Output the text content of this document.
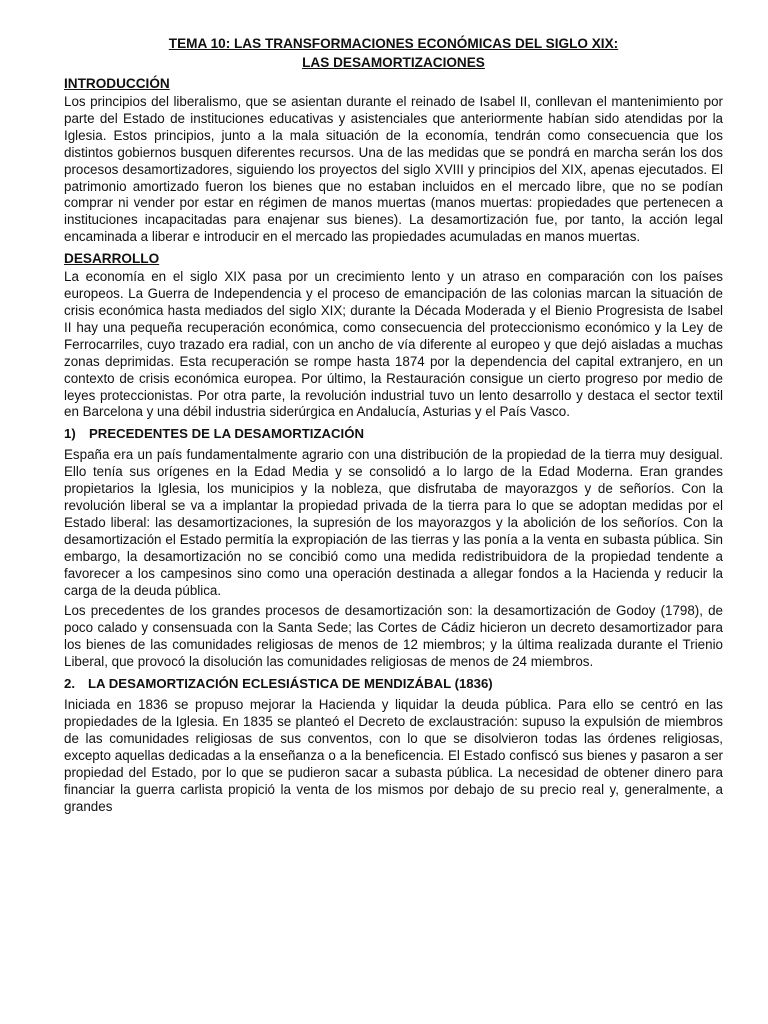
TEMA 10: LAS TRANSFORMACIONES ECONÓMICAS DEL SIGLO XIX:
LAS DESAMORTIZACIONES
INTRODUCCIÓN

Los principios del liberalismo, que se asientan durante el reinado de Isabel II, conllevan el mantenimiento por parte del Estado de instituciones educativas y asistenciales que anteriormente habían sido atendidas por la Iglesia. Estos principios, junto a la mala situación de la economía, tendrán como consecuencia que los distintos gobiernos busquen diferentes recursos. Una de las medidas que se pondrá en marcha serán los dos procesos desamortizadores, siguiendo los proyectos del siglo XVIII y principios del XIX, apenas ejecutados. El patrimonio amortizado fueron los bienes que no estaban incluidos en el mercado libre, que no se podían comprar ni vender por estar en régimen de manos muertas (manos muertas: propiedades que pertenecen a instituciones incapacitadas para enajenar sus bienes). La desamortización fue, por tanto, la acción legal encaminada a liberar e introducir en el mercado las propiedades acumuladas en manos muertas.

DESARROLLO

La economía en el siglo XIX pasa por un crecimiento lento y un atraso en comparación con los países europeos. La Guerra de Independencia y el proceso de emancipación de las colonias marcan la situación de crisis económica hasta mediados del siglo XIX; durante la Década Moderada y el Bienio Progresista de Isabel II hay una pequeña recuperación económica, como consecuencia del proteccionismo económico y la Ley de Ferrocarriles, cuyo trazado era radial, con un ancho de vía diferente al europeo y que dejó aisladas a muchas zonas deprimidas. Esta recuperación se rompe hasta 1874 por la dependencia del capital extranjero, en un contexto de crisis económica europea. Por último, la Restauración consigue un cierto progreso por medio de leyes proteccionistas. Por otra parte, la revolución industrial tuvo un lento desarrollo y destaca el sector textil en Barcelona y una débil industria siderúrgica en Andalucía, Asturias y el País Vasco.

1) PRECEDENTES DE LA DESAMORTIZACIÓN

España era un país fundamentalmente agrario con una distribución de la propiedad de la tierra muy desigual. Ello tenía sus orígenes en la Edad Media y se consolidó a lo largo de la Edad Moderna. Eran grandes propietarios la Iglesia, los municipios y la nobleza, que disfrutaba de mayorazgos y de señoríos. Con la revolución liberal se va a implantar la propiedad privada de la tierra para lo que se adoptan medidas por el Estado liberal: las desamortizaciones, la supresión de los mayorazgos y la abolición de los señoríos. Con la desamortización el Estado permitía la expropiación de las tierras y las ponía a la venta en subasta pública. Sin embargo, la desamortización no se concibió como una medida redistribuidora de la propiedad tendente a favorecer a los campesinos sino como una operación destinada a allegar fondos a la Hacienda y reducir la carga de la deuda pública.

Los precedentes de los grandes procesos de desamortización son: la desamortización de Godoy (1798), de poco calado y consensuada con la Santa Sede; las Cortes de Cádiz hicieron un decreto desamortizador para los bienes de las comunidades religiosas de menos de 12 miembros; y la última realizada durante el Trienio Liberal, que provocó la disolución las comunidades religiosas de menos de 24 miembros.

2. LA DESAMORTIZACIÓN ECLESIÁSTICA DE MENDIZÁBAL (1836)

Iniciada en 1836 se propuso mejorar la Hacienda y liquidar la deuda pública. Para ello se centró en las propiedades de la Iglesia. En 1835 se planteó el Decreto de exclaustración: supuso la expulsión de miembros de las comunidades religiosas de sus conventos, con lo que se disolvieron todas las órdenes religiosas, excepto aquellas dedicadas a la enseñanza o a la beneficencia. El Estado confiscó sus bienes y pasaron a ser propiedad del Estado, por lo que se pudieron sacar a subasta pública. La necesidad de obtener dinero para financiar la guerra carlista propició la venta de los mismos por debajo de su precio real y, generalmente, a grandes
